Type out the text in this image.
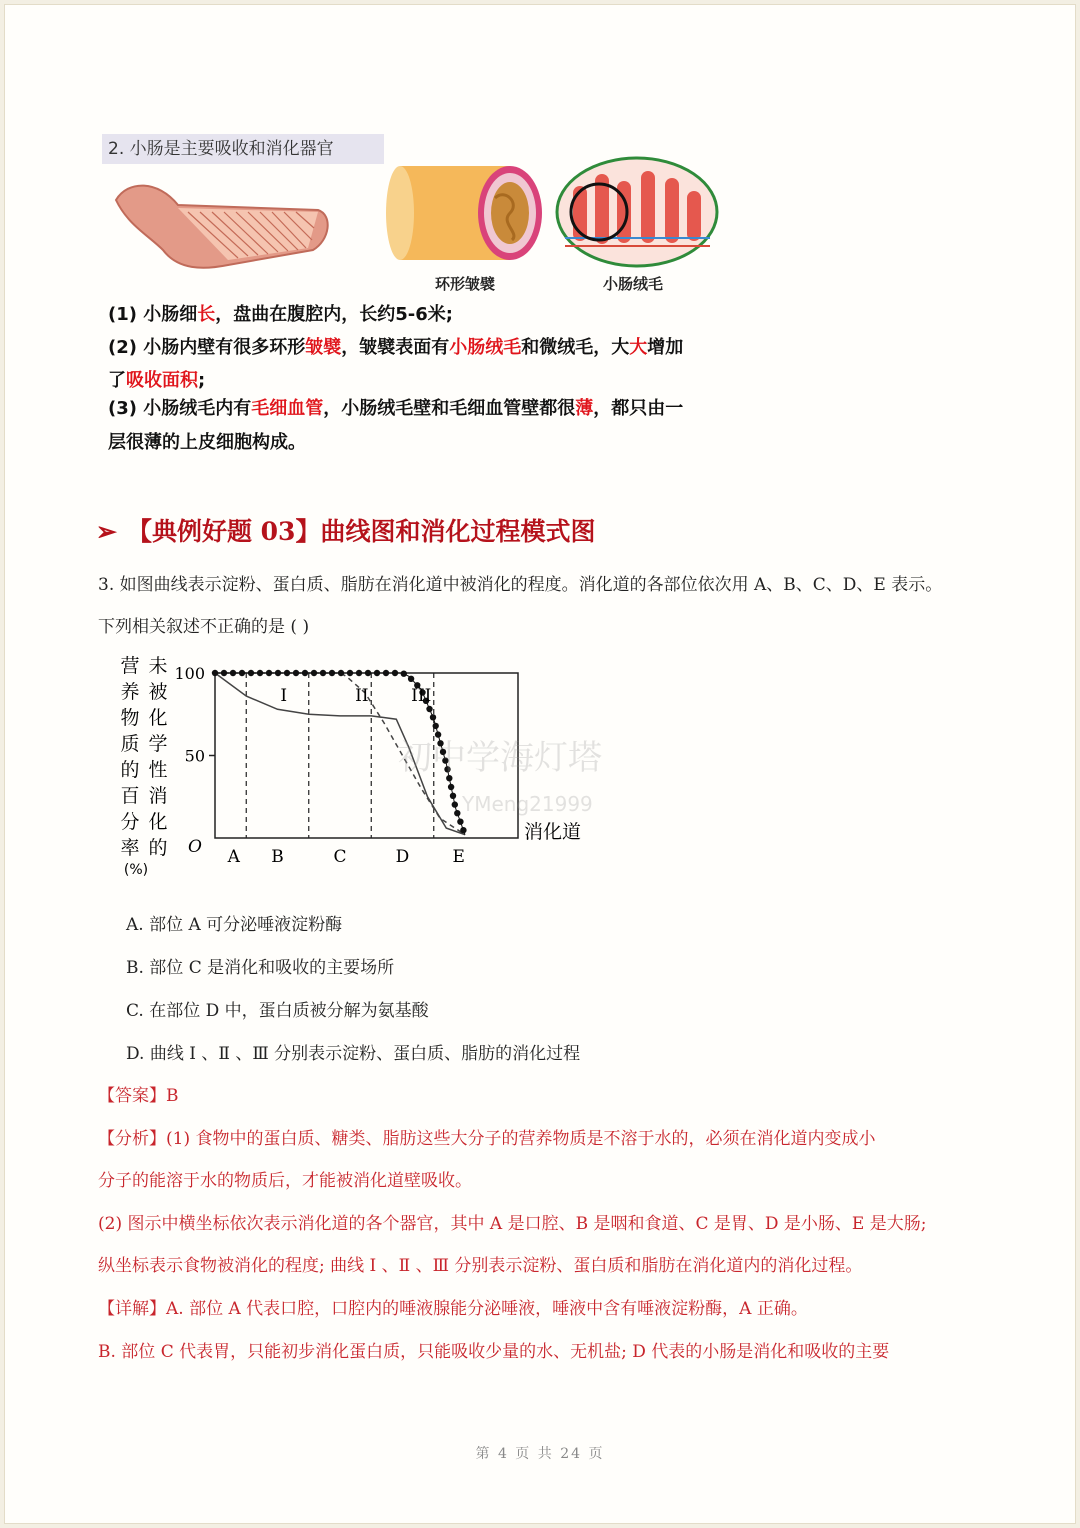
2. 小肠是主要吸收和消化器官
环形皱襞	小肠绒毛
(1) 小肠细长，盘曲在腹腔内，长约5-6米;
(2) 小肠内壁有很多环形皱襞，皱襞表面有小肠绒毛和微绒毛，大大增加
了吸收面积;
(3) 小肠绒毛内有毛细血管，小肠绒毛壁和毛细血管壁都很薄，都只由一
层很薄的上皮细胞构成。
➢ 【典例好题 03】曲线图和消化过程模式图
3. 如图曲线表示淀粉、蛋白质、脂肪在消化道中被消化的程度。消化道的各部位依次用 A、B、C、D、E 表示。
下列相关叙述不正确的是 ( )
100
50
O A B	C	D	E
消化道
营养物质的百分率
未被化学性消化的
(%)
I	II	III
初中学海灯塔
YMeng21999
A. 部位 A 可分泌唾液淀粉酶
B. 部位 C 是消化和吸收的主要场所
C. 在部位 D 中，蛋白质被分解为氨基酸
D. 曲线 Ⅰ 、Ⅱ 、Ⅲ 分别表示淀粉、蛋白质、脂肪的消化过程
【答案】B
【分析】(1) 食物中的蛋白质、糖类、脂肪这些大分子的营养物质是不溶于水的，必须在消化道内变成小
分子的能溶于水的物质后，才能被消化道壁吸收。
(2) 图示中横坐标依次表示消化道的各个器官，其中 A 是口腔、B 是咽和食道、C 是胃、D 是小肠、E 是大肠;
纵坐标表示食物被消化的程度; 曲线 Ⅰ 、Ⅱ 、Ⅲ 分别表示淀粉、蛋白质和脂肪在消化道内的消化过程。
【详解】A. 部位 A 代表口腔，口腔内的唾液腺能分泌唾液，唾液中含有唾液淀粉酶，A 正确。
B. 部位 C 代表胃，只能初步消化蛋白质，只能吸收少量的水、无机盐; D 代表的小肠是消化和吸收的主要
第 4 页 共 24 页
